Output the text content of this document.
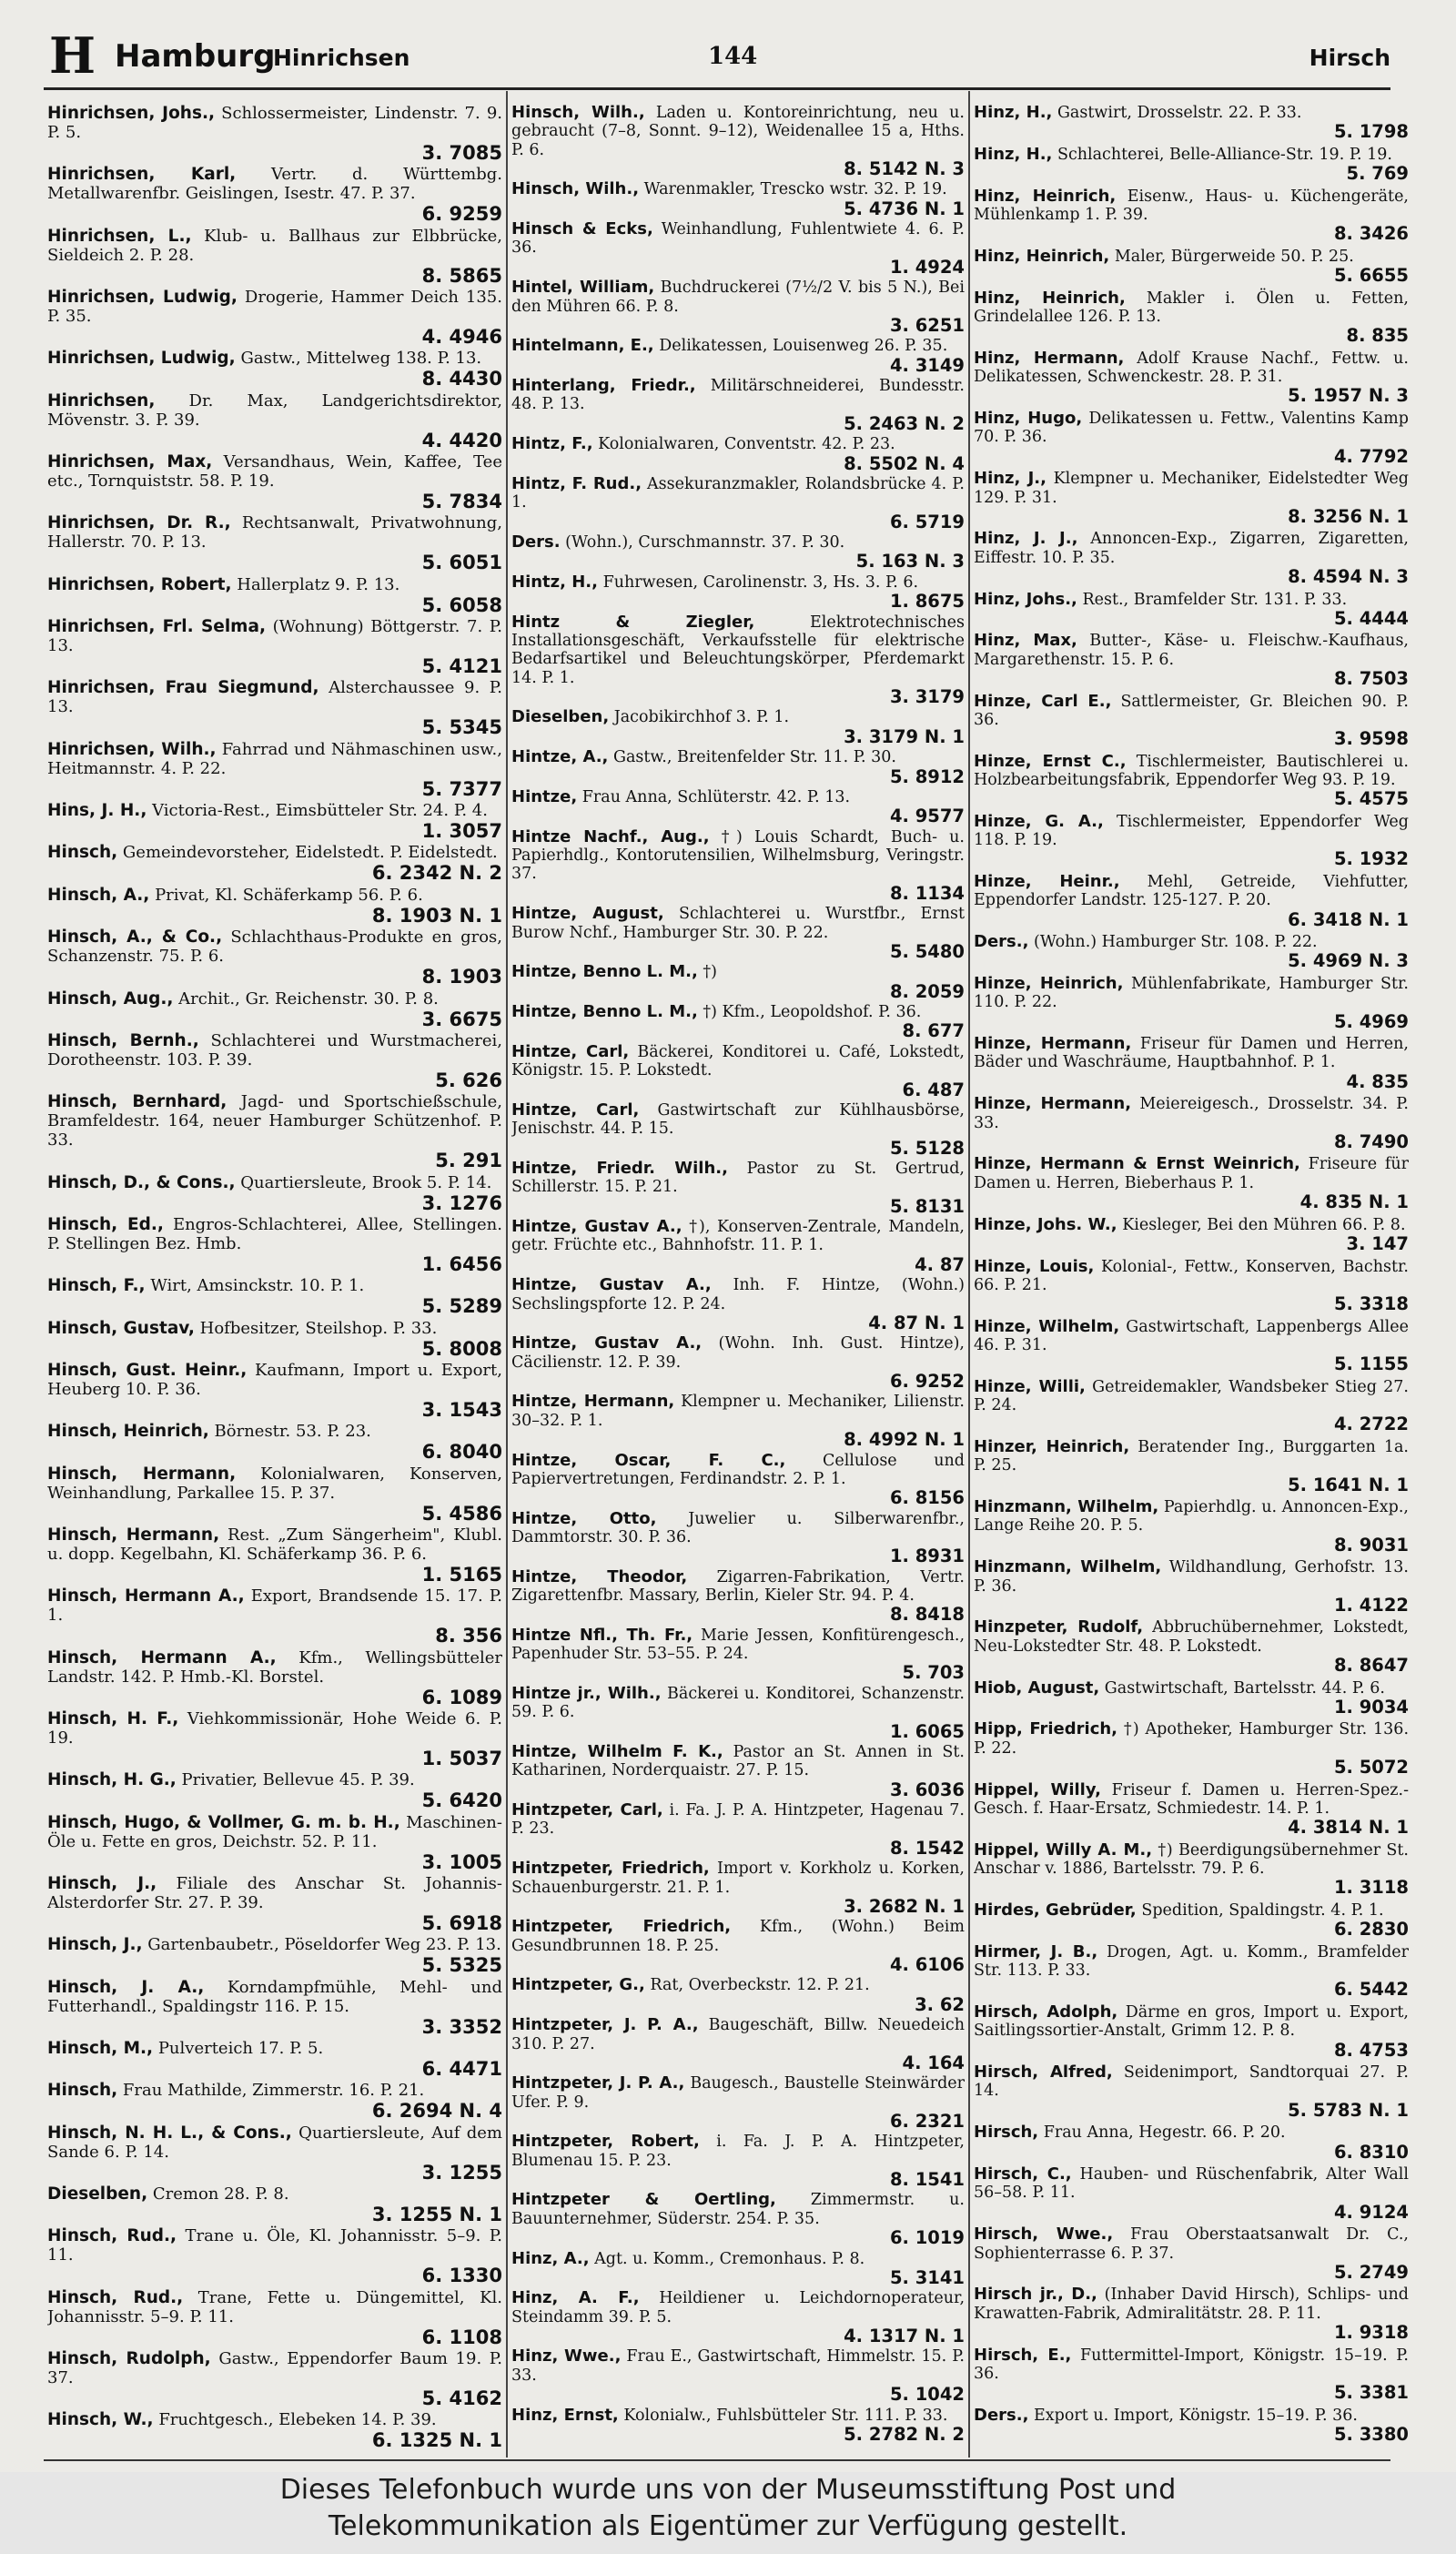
H Hamburg
Hinrichsen	144	Hirsch
Hinrichsen, Johs., Schlossermeister, Lindenstr. 7. 9. P. 5.
3. 7085
Hinrichsen, Karl, Vertr. d. Württembg. Metallwarenfbr. Geislingen, Isestr. 47. P. 37.
6. 9259
Hinrichsen, L., Klub- u. Ballhaus zur Elbbrücke, Sieldeich 2. P. 28.
8. 5865
Hinrichsen, Ludwig, Drogerie, Hammer Deich 135. P. 35.
4. 4946
Hinrichsen, Ludwig, Gastw., Mittelweg 138. P. 13.
8. 4430
Hinrichsen, Dr. Max, Landgerichtsdirektor, Mövenstr. 3. P. 39.
4. 4420
Hinrichsen, Max, Versandhaus, Wein, Kaffee, Tee etc., Tornquiststr. 58. P. 19.
5. 7834
Hinrichsen, Dr. R., Rechtsanwalt, Privatwohnung, Hallerstr. 70. P. 13.
5. 6051
Hinrichsen, Robert, Hallerplatz 9. P. 13.
5. 6058
Hinrichsen, Frl. Selma, (Wohnung) Böttgerstr. 7. P. 13.
5. 4121
Hinrichsen, Frau Siegmund, Alsterchaussee 9. P. 13.
5. 5345
Hinrichsen, Wilh., Fahrrad und Nähmaschinen usw., Heitmannstr. 4. P. 22.
5. 7377
Hins, J. H., Victoria-Rest., Eimsbütteler Str. 24. P. 4.
1. 3057
Hinsch, Gemeindevorsteher, Eidelstedt. P. Eidelstedt.
6. 2342 N. 2
Hinsch, A., Privat, Kl. Schäferkamp 56. P. 6.
8. 1903 N. 1
Hinsch, A., & Co., Schlachthaus-Produkte en gros, Schanzenstr. 75. P. 6.
8. 1903
Hinsch, Aug., Archit., Gr. Reichenstr. 30. P. 8.
3. 6675
Hinsch, Bernh., Schlachterei und Wurstmacherei, Dorotheenstr. 103. P. 39.
5. 626
Hinsch, Bernhard, Jagd- und Sportschießschule, Bramfeldestr. 164, neuer Hamburger Schützenhof. P. 33.
5. 291
Hinsch, D., & Cons., Quartiersleute, Brook 5. P. 14.
3. 1276
Hinsch, Ed., Engros-Schlachterei, Allee, Stellingen. P. Stellingen Bez. Hmb.
1. 6456
Hinsch, F., Wirt, Amsinckstr. 10. P. 1.
5. 5289
Hinsch, Gustav, Hofbesitzer, Steilshop. P. 33.
5. 8008
Hinsch, Gust. Heinr., Kaufmann, Import u. Export, Heuberg 10. P. 36.
3. 1543
Hinsch, Heinrich, Börnestr. 53. P. 23.
6. 8040
Hinsch, Hermann, Kolonialwaren, Konserven, Weinhandlung, Parkallee 15. P. 37.
5. 4586
Hinsch, Hermann, Rest. „Zum Sängerheim", Klubl. u. dopp. Kegelbahn, Kl. Schäferkamp 36. P. 6.
1. 5165
Hinsch, Hermann A., Export, Brandsende 15. 17. P. 1.
8. 356
Hinsch, Hermann A., Kfm., Wellingsbütteler Landstr. 142. P. Hmb.-Kl. Borstel.
6. 1089
Hinsch, H. F., Viehkommissionär, Hohe Weide 6. P. 19.
1. 5037
Hinsch, H. G., Privatier, Bellevue 45. P. 39.
5. 6420
Hinsch, Hugo, & Vollmer, G. m. b. H., Maschinen-Öle u. Fette en gros, Deichstr. 52. P. 11.
3. 1005
Hinsch, J., Filiale des Anschar St. Johannis-Alsterdorfer Str. 27. P. 39.
5. 6918
Hinsch, J., Gartenbaubetr., Pöseldorfer Weg 23. P. 13.
5. 5325
Hinsch, J. A., Korndampfmühle, Mehl- und Futterhandl., Spaldingstr 116. P. 15.
3. 3352
Hinsch, M., Pulverteich 17. P. 5.
6. 4471
Hinsch, Frau Mathilde, Zimmerstr. 16. P. 21.
6. 2694 N. 4
Hinsch, N. H. L., & Cons., Quartiersleute, Auf dem Sande 6. P. 14.
3. 1255
Dieselben, Cremon 28. P. 8.
3. 1255 N. 1
Hinsch, Rud., Trane u. Öle, Kl. Johannisstr. 5–9. P. 11.
6. 1330
Hinsch, Rud., Trane, Fette u. Düngemittel, Kl. Johannisstr. 5–9. P. 11.
6. 1108
Hinsch, Rudolph, Gastw., Eppendorfer Baum 19. P. 37.
5. 4162
Hinsch, W., Fruchtgesch., Elebeken 14. P. 39.
6. 1325 N. 1
Hinsch, Wilh., Laden u. Kontoreinrichtung, neu u. gebraucht (7–8, Sonnt. 9–12), Weidenallee 15 a, Hths. P. 6.
8. 5142 N. 3
Hinsch, Wilh., Warenmakler, Trescko wstr. 32. P. 19.
5. 4736 N. 1
Hinsch & Ecks, Weinhandlung, Fuhlentwiete 4. 6. P. 36.
1. 4924
Hintel, William, Buchdruckerei (7½/2 V. bis 5 N.), Bei den Mühren 66. P. 8.
3. 6251
Hintelmann, E., Delikatessen, Louisenweg 26. P. 35.
4. 3149
Hinterlang, Friedr., Militärschneiderei, Bundesstr. 48. P. 13.
5. 2463 N. 2
Hintz, F., Kolonialwaren, Conventstr. 42. P. 23.
8. 5502 N. 4
Hintz, F. Rud., Assekuranzmakler, Rolandsbrücke 4. P. 1.
6. 5719
Ders. (Wohn.), Curschmannstr. 37. P. 30.
5. 163 N. 3
Hintz, H., Fuhrwesen, Carolinenstr. 3, Hs. 3. P. 6.
1. 8675
Hintz & Ziegler,	Elektrotechnisches Installationsgeschäft, Verkaufsstelle für elektrische Bedarfsartikel und Beleuchtungskörper, Pferdemarkt 14. P. 1.
3. 3179
Dieselben, Jacobikirchhof 3. P. 1.
3. 3179 N. 1
Hintze, A., Gastw., Breitenfelder Str. 11. P. 30.
5. 8912
Hintze, Frau Anna, Schlüterstr. 42. P. 13.
4. 9577
Hintze Nachf., Aug., †) Louis Schardt, Buch- u. Papierhdlg., Kontorutensilien, Wilhelmsburg, Veringstr. 37.
8. 1134
Hintze, August, Schlachterei u. Wurstfbr., Ernst Burow Nchf., Hamburger Str. 30. P. 22.
5. 5480
Hintze, Benno L. M., †)
8. 2059
Hintze, Benno L. M., †) Kfm., Leopoldshof. P. 36.
8. 677
Hintze, Carl, Bäckerei, Konditorei u. Café, Lokstedt, Königstr. 15. P. Lokstedt.
6. 487
Hintze, Carl, Gastwirtschaft zur Kühlhausbörse, Jenischstr. 44. P. 15.
5. 5128
Hintze, Friedr. Wilh., Pastor zu St. Gertrud, Schillerstr. 15. P. 21.
5. 8131
Hintze, Gustav A., †), Konserven-Zentrale, Mandeln, getr. Früchte etc., Bahnhofstr. 11. P. 1.
4. 87
Hintze, Gustav A., Inh. F. Hintze, (Wohn.) Sechslingspforte 12. P. 24.
4. 87 N. 1
Hintze, Gustav A., (Wohn. Inh. Gust. Hintze), Cäcilienstr. 12. P. 39.
6. 9252
Hintze, Hermann, Klempner u. Mechaniker, Lilienstr. 30–32. P. 1.
8. 4992 N. 1
Hintze, Oscar, F. C., Cellulose und Papiervertretungen, Ferdinandstr. 2. P. 1.
6. 8156
Hintze, Otto, Juwelier u. Silberwarenfbr., Dammtorstr. 30. P. 36.
1. 8931
Hintze, Theodor, Zigarren-Fabrikation, Vertr. Zigarettenfbr. Massary, Berlin, Kieler Str. 94. P. 4.
8. 8418
Hintze Nfl., Th. Fr., Marie Jessen, Konfitürengesch., Papenhuder Str. 53–55. P. 24.
5. 703
Hintze jr., Wilh., Bäckerei u. Konditorei, Schanzenstr. 59. P. 6.
1. 6065
Hintze, Wilhelm F. K., Pastor an St. Annen in St. Katharinen, Norderquaistr. 27. P. 15.
3. 6036
Hintzpeter, Carl, i. Fa. J. P. A. Hintzpeter, Hagenau 7. P. 23.
8. 1542
Hintzpeter, Friedrich, Import v. Korkholz u. Korken, Schauenburgerstr. 21. P. 1.
3. 2682 N. 1
Hintzpeter, Friedrich, Kfm., (Wohn.) Beim Gesundbrunnen 18. P. 25.
4. 6106
Hintzpeter, G., Rat, Overbeckstr. 12. P. 21.
3. 62
Hintzpeter, J. P. A., Baugeschäft, Billw. Neuedeich 310. P. 27.
4. 164
Hintzpeter, J. P. A., Baugesch., Baustelle Steinwärder Ufer. P. 9.
6. 2321
Hintzpeter, Robert, i. Fa. J. P. A. Hintzpeter, Blumenau 15. P. 23.
8. 1541
Hintzpeter & Oertling, Zimmermstr. u. Bauunternehmer, Süderstr. 254. P. 35.
6. 1019
Hinz, A., Agt. u. Komm., Cremonhaus. P. 8.
5. 3141
Hinz, A. F., Heildiener u. Leichdornoperateur, Steindamm 39. P. 5.
4. 1317 N. 1
Hinz, Wwe., Frau E., Gastwirtschaft, Himmelstr. 15. P. 33.
5. 1042
Hinz, Ernst, Kolonialw., Fuhlsbütteler Str. 111. P. 33.
5. 2782 N. 2
Hinz, H., Gastwirt, Drosselstr. 22. P. 33.
5. 1798
Hinz, H., Schlachterei, Belle-Alliance-Str. 19. P. 19.
5. 769
Hinz, Heinrich, Eisenw., Haus- u. Küchengeräte, Mühlenkamp 1. P. 39.
8. 3426
Hinz, Heinrich, Maler, Bürgerweide 50. P. 25.
5. 6655
Hinz, Heinrich, Makler i. Ölen u. Fetten, Grindelallee 126. P. 13.
8. 835
Hinz, Hermann, Adolf Krause Nachf., Fettw. u. Delikatessen, Schwenckestr. 28. P. 31.
5. 1957 N. 3
Hinz, Hugo, Delikatessen u. Fettw., Valentins Kamp 70. P. 36.
4. 7792
Hinz, J., Klempner u. Mechaniker, Eidelstedter Weg 129. P. 31.
8. 3256 N. 1
Hinz, J. J., Annoncen-Exp., Zigarren, Zigaretten, Eiffestr. 10. P. 35.
8. 4594 N. 3
Hinz, Johs., Rest., Bramfelder Str. 131. P. 33.
5. 4444
Hinz, Max, Butter-, Käse- u. Fleischw.-Kaufhaus, Margarethenstr. 15. P. 6.
8. 7503
Hinze, Carl E., Sattlermeister, Gr. Bleichen 90. P. 36.
3. 9598
Hinze, Ernst C., Tischlermeister, Bautischlerei u. Holzbearbeitungsfabrik, Eppendorfer Weg 93. P. 19.
5. 4575
Hinze, G. A., Tischlermeister, Eppendorfer Weg 118. P. 19.
5. 1932
Hinze, Heinr., Mehl, Getreide, Viehfutter, Eppendorfer Landstr. 125-127. P. 20.
6. 3418 N. 1
Ders., (Wohn.) Hamburger Str. 108. P. 22.
5. 4969 N. 3
Hinze, Heinrich, Mühlenfabrikate, Hamburger Str. 110. P. 22.
5. 4969
Hinze, Hermann, Friseur für Damen und Herren, Bäder und Waschräume, Hauptbahnhof. P. 1.
4. 835
Hinze, Hermann, Meiereigesch., Drosselstr. 34. P. 33.
8. 7490
Hinze, Hermann & Ernst Weinrich, Friseure für Damen u. Herren, Bieberhaus P. 1.
4. 835 N. 1
Hinze, Johs. W., Kiesleger, Bei den Mühren 66. P. 8.
3. 147
Hinze, Louis, Kolonial-, Fettw., Konserven, Bachstr. 66. P. 21.
5. 3318
Hinze, Wilhelm, Gastwirtschaft, Lappenbergs Allee 46. P. 31.
5. 1155
Hinze, Willi, Getreidemakler, Wandsbeker Stieg 27. P. 24.
4. 2722
Hinzer, Heinrich, Beratender Ing., Burggarten 1a. P. 25.
5. 1641 N. 1
Hinzmann, Wilhelm, Papierhdlg. u. Annoncen-Exp., Lange Reihe 20. P. 5.
8. 9031
Hinzmann, Wilhelm, Wildhandlung, Gerhofstr. 13. P. 36.
1. 4122
Hinzpeter, Rudolf, Abbruchübernehmer, Lokstedt, Neu-Lokstedter Str. 48. P. Lokstedt.
8. 8647
Hiob, August, Gastwirtschaft, Bartelsstr. 44. P. 6.
1. 9034
Hipp, Friedrich, †) Apotheker, Hamburger Str. 136. P. 22.
5. 5072
Hippel, Willy, Friseur f. Damen u. Herren-Spez.-Gesch. f. Haar-Ersatz, Schmiedestr. 14. P. 1.
4. 3814 N. 1
Hippel, Willy A. M., †) Beerdigungsübernehmer St. Anschar v. 1886, Bartelsstr. 79. P. 6.
1. 3118
Hirdes, Gebrüder, Spedition, Spaldingstr. 4. P. 1.
6. 2830
Hirmer, J. B., Drogen, Agt. u. Komm., Bramfelder Str. 113. P. 33.
6. 5442
Hirsch, Adolph, Därme en gros, Import u. Export, Saitlingssortier-Anstalt, Grimm 12. P. 8.
8. 4753
Hirsch, Alfred, Seidenimport, Sandtorquai 27. P. 14.
5. 5783 N. 1
Hirsch, Frau Anna, Hegestr. 66. P. 20.
6. 8310
Hirsch, C., Hauben- und Rüschenfabrik, Alter Wall 56–58. P. 11.
4. 9124
Hirsch, Wwe., Frau Oberstaatsanwalt Dr. C., Sophienterrasse 6. P. 37.
5. 2749
Hirsch jr., D., (Inhaber David Hirsch), Schlips- und Krawatten-Fabrik, Admiralitätstr. 28. P. 11.
1. 9318
Hirsch, E., Futtermittel-Import, Königstr. 15–19. P. 36.
5. 3381
Ders., Export u. Import, Königstr. 15–19. P. 36.
5. 3380
Dieses Telefonbuch wurde uns von der Museumsstiftung Post und
Telekommunikation als Eigentümer zur Verfügung gestellt.
